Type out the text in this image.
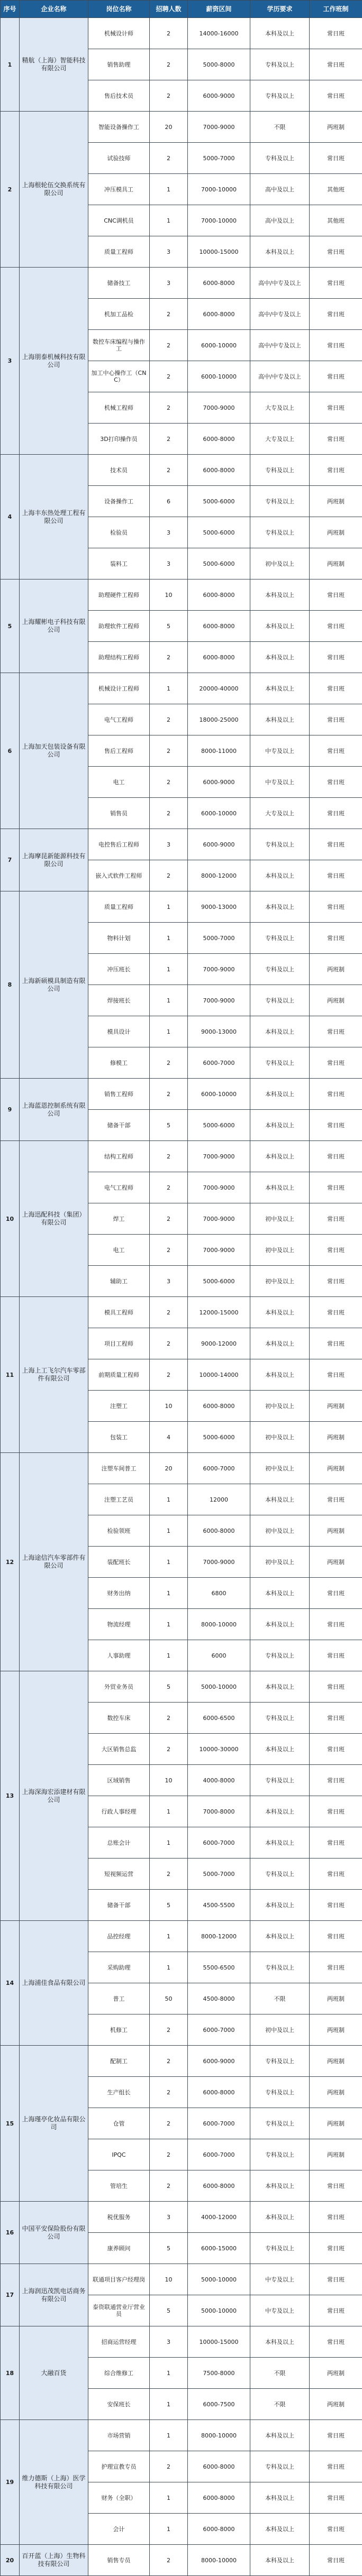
序号	企业名称	岗位名称	招聘人数	薪资区间	学历要求	工作班制
1	精航（上海）智能科技有限公司	机械设计师	2	14000-16000	本科及以上	常日班
		销售助理	2	5000-8000	专科及以上	常日班
		售后技术员	2	6000-9000	专科及以上	常日班
2	上海根轮伍交换系统有限公司	智能设备操作工	20	7000-9000	不限	两班制
		试验技师	2	5000-7000	专科及以上	常日班
		冲压模具工	1	7000-10000	高中及以上	其他班
		CNC调机员	1	7000-10000	高中及以上	其他班
		质量工程师	3	10000-15000	本科及以上	常日班
3	上海朋泰机械科技有限公司	储备技工	3	6000-8000	高中/中专及以上	常日班
		机加工品检	2	6000-8000	高中/中专及以上	常日班
		数控车床编程与操作工	2	6000-10000	高中/中专及以上	常日班
		加工中心操作工（CNC）	2	6000-10000	高中/中专及以上	常日班
		机械工程师	2	7000-9000	大专及以上	常日班
		3D打印操作员	2	6000-8000	大专及以上	常日班
4	上海丰东热处理工程有限公司	技术员	2	6000-8000	专科及以上	常日班
		设备操作工	6	5000-6000	专科及以上	两班制
		检验员	3	5000-6000	专科及以上	两班制
		装料工	3	5000-6000	初中及以上	两班制
5	上海耀彬电子科技有限公司	助理硬件工程师	10	6000-8000	本科及以上	常日班
		助理软件工程师	5	6000-8000	本科及以上	常日班
		助理结构工程师	2	6000-8000	本科及以上	常日班
6	上海加天包装设备有限公司	机械设计工程师	1	20000-40000	本科及以上	常日班
		电气工程师	2	18000-25000	本科及以上	常日班
		售后工程师	2	8000-11000	中专及以上	常日班
		电工	2	6000-9000	中专及以上	常日班
		销售员	2	6000-10000	大专及以上	常日班
7	上海摩昆新能源科技有限公司	电控售后工程师	3	6000-9000	专科及以上	常日班
		嵌入式软件工程师	2	8000-12000	本科及以上	常日班
8	上海新硕模具制造有限公司	质量工程师	1	9000-13000	本科及以上	常日班
		物料计划	1	5000-7000	专科及以上	常日班
		冲压班长	1	7000-9000	专科及以上	两班制
		焊接班长	1	7000-9000	专科及以上	两班制
		模具设计	1	9000-13000	本科及以上	常日班
		修模工	2	6000-7000	专科及以上	常日班
9	上海蓝恩控制系统有限公司	销售工程师	2	6000-10000	本科及以上	常日班
		储备干部	5	5000-6000	本科及以上	常日班
10	上海迅配科技（集团）有限公司	结构工程师	2	7000-9000	本科及以上	常日班
		电气工程师	2	7000-9000	本科及以上	常日班
		焊工	2	7000-9000	初中及以上	常日班
		电工	2	7000-9000	初中及以上	常日班
		辅助工	3	5000-6000	初中及以上	常日班
11	上海上工飞尔汽车零部件有限公司	模具工程师	2	12000-15000	本科及以上	常日班
		项目工程师	2	9000-12000	本科及以上	常日班
		前期质量工程师	2	10000-14000	本科及以上	常日班
		注塑工	10	6000-8000	初中及以上	两班制
		包装工	4	5000-6000	初中及以上	两班制
12	上海途信汽车零部件有限公司	注塑车间普工	20	6000-7000	初中及以上	两班制
		注塑工艺员	1	12000	本科及以上	常日班
		检验领班	1	6000-8000	初中及以上	两班制
		装配班长	1	7000-9000	初中及以上	两班制
		财务出纳	1	6800	本科及以上	常日班
		物流经理	1	8000-10000	本科及以上	常日班
		人事助理	1	6000	专科及以上	常日班
13	上海深海宏添建材有限公司	外贸业务员	5	5000-10000	本科及以上	常日班
		数控车床	2	6000-6500	专科及以上	常日班
		大区销售总监	2	10000-30000	本科及以上	常日班
		区域销售	10	4000-8000	专科及以上	常日班
		行政人事经理	1	7000-8000	本科及以上	常日班
		总账会计	1	6000-7000	本科及以上	常日班
		短视频运营	2	5000-7000	专科及以上	常日班
		储备干部	5	4500-5500	本科及以上	常日班
14	上海浦佳食品有限公司	品控经理	1	8000-12000	本科及以上	常日班
		采购助理	1	5500-6500	专科及以上	常日班
		普工	50	4500-8000	不限	两班制
		机修工	2	6000-7000	初中及以上	两班制
15	上海瑾亭化妆品有限公司	配制工	2	6000-9000	专科及以上	两班制
		生产组长	2	6000-8000	专科及以上	两班制
		仓管	2	6000-7000	专科及以上	两班制
		IPQC	2	6000-7000	专科及以上	两班制
		管培生	2	6000-8000	本科及以上	常日班
16	中国平安保险股份有限公司	税优服务	3	4000-12000	本科及以上	常日班
		康养顾问	5	6000-15000	专科及以上	常日班
17	上海润迅茂凯电话商务有限公司	联通项目客户经理岗	10	5000-10000	中专及以上	常日班
		泰资联通营业厅营业员	5	5000-10000	中专及以上	常日班
18	大融百货	招商运营经理	3	10000-15000	本科及以上	常日班
		综合维修工	1	7500-8000	不限	两班制
		安保班长	1	6000-7500	不限	两班制
19	维力德斯（上海）医学科技有限公司	市场营销	1	8000-10000	本科及以上	常日班
		护理宣教专员	2	6000-8000	专科及以上	常日班
		财务（全职）	1	6000-8000	本科及以上	常日班
		会计	1	6000-8000	本科及以上	常日班
20	百开蓝（上海）生物科技有限公司	销售专员	2	8000-10000	本科及以上	常日班
